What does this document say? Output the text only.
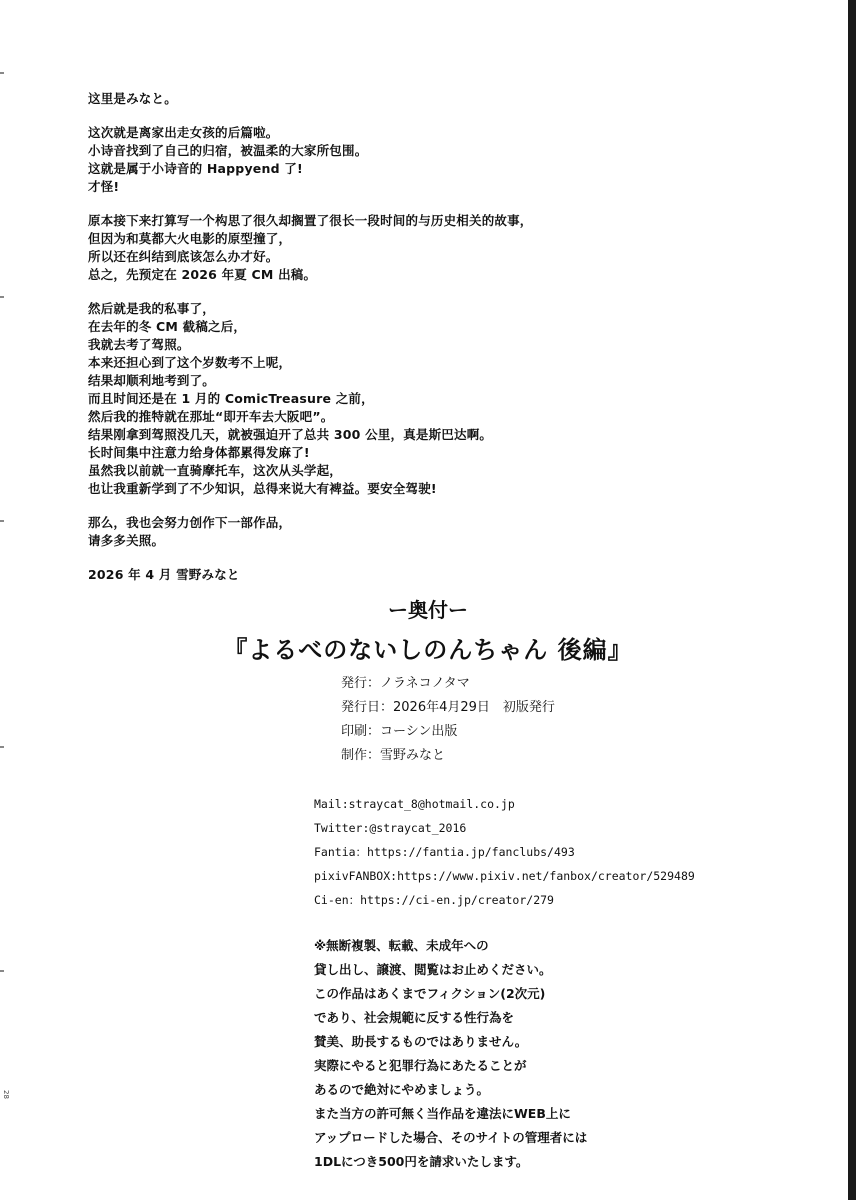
这里是みなと。
这次就是离家出走女孩的后篇啦。
小诗音找到了自己的归宿，被温柔的大家所包围。
这就是属于小诗音的 Happyend 了!
才怪!
原本接下来打算写一个构思了很久却搁置了很长一段时间的与历史相关的故事，
但因为和莫都大火电影的原型撞了，
所以还在纠结到底该怎么办才好。
总之，先预定在 2026 年夏 CM 出稿。
然后就是我的私事了，
在去年的冬 CM 截稿之后，
我就去考了驾照。
本来还担心到了这个岁数考不上呢，
结果却顺利地考到了。
而且时间还是在 1 月的 ComicTreasure 之前，
然后我的推特就在那址“即开车去大阪吧”。
结果刚拿到驾照没几天，就被强迫开了总共 300 公里，真是斯巴达啊。
长时间集中注意力给身体都累得发麻了!
虽然我以前就一直骑摩托车，这次从头学起，
也让我重新学到了不少知识，总得来说大有裨益。要安全驾驶!
那么，我也会努力创作下一部作品，
请多多关照。
2026 年 4 月 雪野みなと
ー奥付ー
『よるべのないしのんちゃん 後編』
発行：ノラネコノタマ
発行日：2026年4月29日　初版発行
印刷：コーシン出版
制作：雪野みなと
Mail:straycat_8@hotmail.co.jp
Twitter:@straycat_2016
Fantia：https://fantia.jp/fanclubs/493
pixivFANBOX:https://www.pixiv.net/fanbox/creator/529489
Ci-en：https://ci-en.jp/creator/279
※無断複製、転載、未成年への
貸し出し、譲渡、閲覧はお止めください。
この作品はあくまでフィクション(2次元)
であり、社会規範に反する性行為を
賛美、助長するものではありません。
実際にやると犯罪行為にあたることが
あるので絶対にやめましょう。
また当方の許可無く当作品を違法にWEB上に
アップロードした場合、そのサイトの管理者には
1DLにつき500円を請求いたします。
28
